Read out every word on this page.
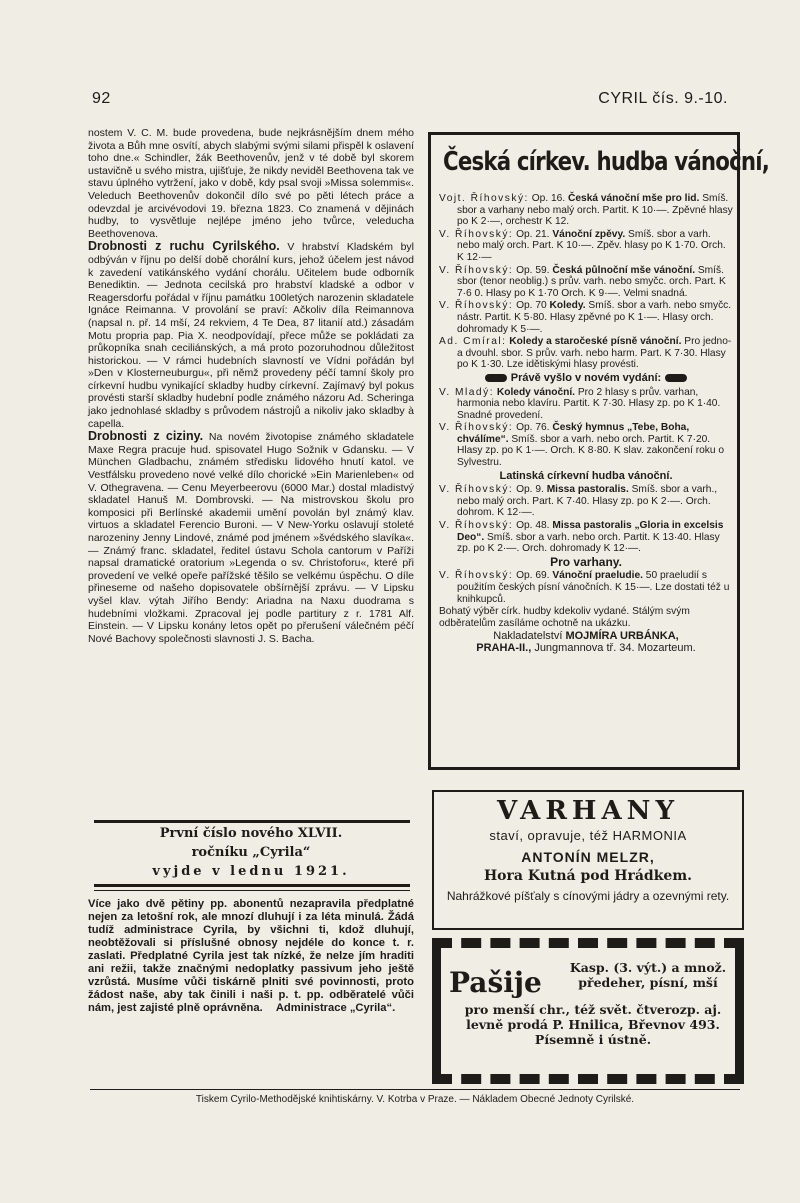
92	CYRIL čís. 9.-10.

nostem V. C. M. bude provedena, bude nejkrásnějším dnem mého života a Bůh mne osvítí, abych slabými svými silami přispěl k oslavení toho dne.« Schindler, žák Beethovenův, jenž v té době byl skorem ustavičně u svého mistra, ujišťuje, že nikdy neviděl Beethovena tak ve stavu úplného vytržení, jako v době, kdy psal svoji »Missa solemmis«. Veleduch Beethovenův dokončil dílo své po pěti létech práce a odevzdal je arcivévodovi 19. března 1823. Co znamená v dějinách hudby, to vysvětluje nejlépe jméno jeho tvůrce, veleducha Beethovenova.

Drobnosti z ruchu Cyrilského. V hrabství Kladském byl odbýván v říjnu po delší době chorální kurs, jehož účelem jest návod k zavedení vatikánského vydání chorálu. Učitelem bude odborník Benediktin. — Jednota cecilská pro hrabství kladské a odbor v Reagersdorfu pořádal v říjnu památku 100letých narozenin skladatele Ignáce Reimanna. V provolání se praví: Ačkoliv díla Reimannova (napsal n. př. 14 mší, 24 rekviem, 4 Te Dea, 87 litanií atd.) zásadám Motu propria pap. Pia X. neodpovídají, přece může se pokládati za průkopníka snah ceciliánských, a má proto pozoruhodnou důležitost historickou. — V rámci hudebních slavností ve Vídni pořádán byl »Den v Klosterneuburgu«, při němž provedeny péčí tamní školy pro církevní hudbu vynikající skladby hudby církevní. Zajímavý byl pokus provésti starší skladby hudební podle známého názoru Ad. Scheringa jako jednohlasé skladby s průvodem nástrojů a nikoliv jako skladby à capella.

Drobnosti z ciziny. Na novém životopise známého skladatele Maxe Regra pracuje hud. spisovatel Hugo Sožnik v Gdansku. — V München Gladbachu, známém středisku lidového hnutí katol. ve Vestfálsku provedeno nové velké dílo chorické »Ein Marienleben« od V. Othegravena. — Cenu Meyerbeerovu (6000 Mar.) dostal mladistvý skladatel Hanuš M. Dombrovski. — Na mistrovskou školu pro komposici při Berlínské akademii umění povolán byl známý klav. virtuos a skladatel Ferencio Buroni. — V New-Yorku oslavují stoleté narozeniny Jenny Lindové, známé pod jménem »švédského slavíka«. — Známý franc. skladatel, ředitel ústavu Schola cantorum v Paříži napsal dramatické oratorium »Legenda o sv. Christoforu«, které při provedení ve velké opeře pařížské těšilo se velkému úspěchu. O díle přineseme od našeho dopisovatele obšírnější zprávu. — V Lipsku vyšel klav. výtah Jiřího Bendy: Ariadna na Naxu duodrama s hudebními vložkami. Zpracoval jej podle partitury z r. 1781 Alf. Einstein. — V Lipsku konány letos opět po přerušení válečném péčí Nové Bachovy společnosti slavnosti J. S. Bacha.

První číslo nového XLVII.
ročníku „Cyrila“
vyjde v lednu 1921.
Více jako dvě pětiny pp. abonentů nezapravila předplatné nejen za letošní rok, ale mnozí dluhují i za léta minulá. Žádá tudíž administrace Cyrila, by všichni ti, kdož dluhují, neobtěžovali si příslušné obnosy nejdéle do konce t. r. zaslati. Předplatné Cyrila jest tak nízké, že nelze jím hraditi ani režii, takže značnými nedoplatky passivum jeho ještě vzrůstá. Musíme vůči tiskárně plniti své povinnosti, proto žádost naše, aby tak činili i naši p. t. pp. odběratelé vůči nám, jest zajisté plně oprávněna. Administrace „Cyrila“.
Česká církev. hudba vánoční,
Vojt. Říhovský: Op. 16. Česká vánoční mše pro lid. Smíš. sbor a varhany nebo malý orch. Partit. K 10·—. Zpěvné hlasy po K 2·—, orchestr K 12.
V. Říhovský: Op. 21. Vánoční zpěvy. Smíš. sbor a varh. nebo malý orch. Part. K 10·—. Zpěv. hlasy po K 1·70. Orch. K 12·—
V. Říhovský: Op. 59. Česká půlnoční mše vánoční. Smíš. sbor (tenor neoblig.) s prův. varh. nebo smyčc. orch. Part. K 7·6 0. Hlasy po K 1·70 Orch. K 9·—. Velmi snadná.
V. Říhovský: Op. 70 Koledy. Smíš. sbor a varh. nebo smyčc. nástr. Partit. K 5·80. Hlasy zpěvné po K 1·—. Hlasy orch. dohromady K 5·—.
Ad. Cmíral: Koledy a staročeské písně vánoční. Pro jedno- a dvouhl. sbor. S prův. varh. nebo harm. Part. K 7·30. Hlasy po K 1·30. Lze idětiskými hlasy provésti.
Právě vyšlo v novém vydání:
V. Mladý: Koledy vánoční. Pro 2 hlasy s prův. varhan, harmonia nebo klavíru. Partit. K 7·30. Hlasy zp. po K 1·40. Snadné provedení.
V. Říhovský: Op. 76. Český hymnus „Tebe, Boha, chválíme“. Smíš. sbor a varh. nebo orch. Partit. K 7·20. Hlasy zp. po K 1·—. Orch. K 8·80. K slav. zakončení roku o Sylvestru.
Latinská církevní hudba vánoční.
V. Říhovský: Op. 9. Missa pastoralis. Smíš. sbor a varh., nebo malý orch. Part. K 7·40. Hlasy zp. po K 2·—. Orch. dohrom. K 12·—.
V. Říhovský: Op. 48. Missa pastoralis „Gloria in excelsis Deo“. Smíš. sbor a varh. nebo orch. Partit. K 13·40. Hlasy zp. po K 2·—. Orch. dohromady K 12·—.
Pro varhany.
V. Říhovský: Op. 69. Vánoční praeludie. 50 praeludií s použitím českých písní vánočních. K 15·—. Lze dostati též u knihkupců.
Bohatý výběr círk. hudby kdekoliv vydané. Stálým svým odběratelům zasíláme ochotně na ukázku.
Nakladatelství MOJMÍRA URBÁNKA,
PRAHA-II., Jungmannova tř. 34. Mozarteum.
VARHANY
staví, opravuje, též HARMONIA
ANTONÍN MELZR,
Hora Kutná pod Hrádkem.
Nahrážkové píšťaly s cínovými jádry a ozevnými rety.
Pašije	Kasp. (3. výt.) a množ. předeher, písní, mší
pro menší chr., též svět. čtverozp. aj. levně prodá P. Hnilica, Břevnov 493. Písemně i ústně.
Tiskem Cyrilo-Methodějské knihtiskárny. V. Kotrba v Praze. — Nákladem Obecné Jednoty Cyrilské.
